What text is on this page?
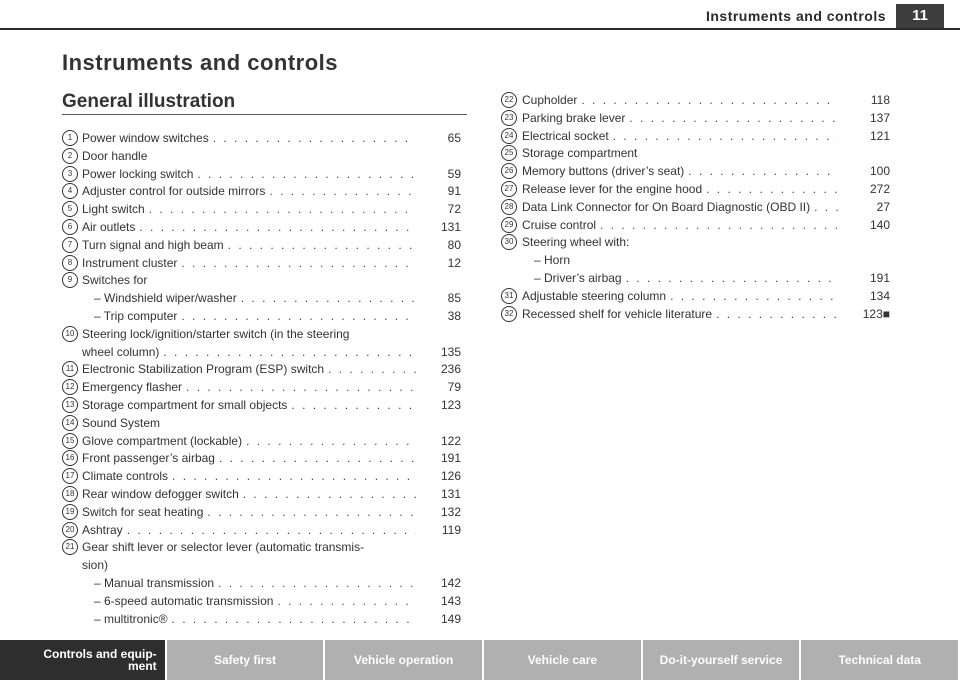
Instruments and controls	11
Instruments and controls
General illustration
1 Power window switches . . .	65
2 Door handle
3 Power locking switch . . .	59
4 Adjuster control for outside mirrors . . .	91
5 Light switch . . .	72
6 Air outlets . . .	131
7 Turn signal and high beam . . .	80
8 Instrument cluster . . .	12
9 Switches for
– Windshield wiper/washer . . .	85
– Trip computer . . .	38
10 Steering lock/ignition/starter switch (in the steering
wheel column) . . .	135
11 Electronic Stabilization Program (ESP) switch . . .	236
12 Emergency flasher . . .	79
13 Storage compartment for small objects . . .	123
14 Sound System
15 Glove compartment (lockable) . . .	122
16 Front passenger’s airbag . . .	191
17 Climate controls . . .	126
18 Rear window defogger switch . . .	131
19 Switch for seat heating . . .	132
20 Ashtray . . .	119
21 Gear shift lever or selector lever (automatic transmis-
sion)
– Manual transmission . . .	142
– 6-speed automatic transmission . . .	143
– multitronic® . . .	149
22 Cupholder . . .	118
23 Parking brake lever . . .	137
24 Electrical socket . . .	121
25 Storage compartment
26 Memory buttons (driver’s seat) . . .	100
27 Release lever for the engine hood . . .	272
28 Data Link Connector for On Board Diagnostic (OBD II) . . .	27
29 Cruise control . . .	140
30 Steering wheel with:
– Horn
– Driver’s airbag . . .	191
31 Adjustable steering column . . .	134
32 Recessed shelf for vehicle literature . . .	123■
Controls and equip-
ment	Safety first	Vehicle operation	Vehicle care	Do-it-yourself service	Technical data
